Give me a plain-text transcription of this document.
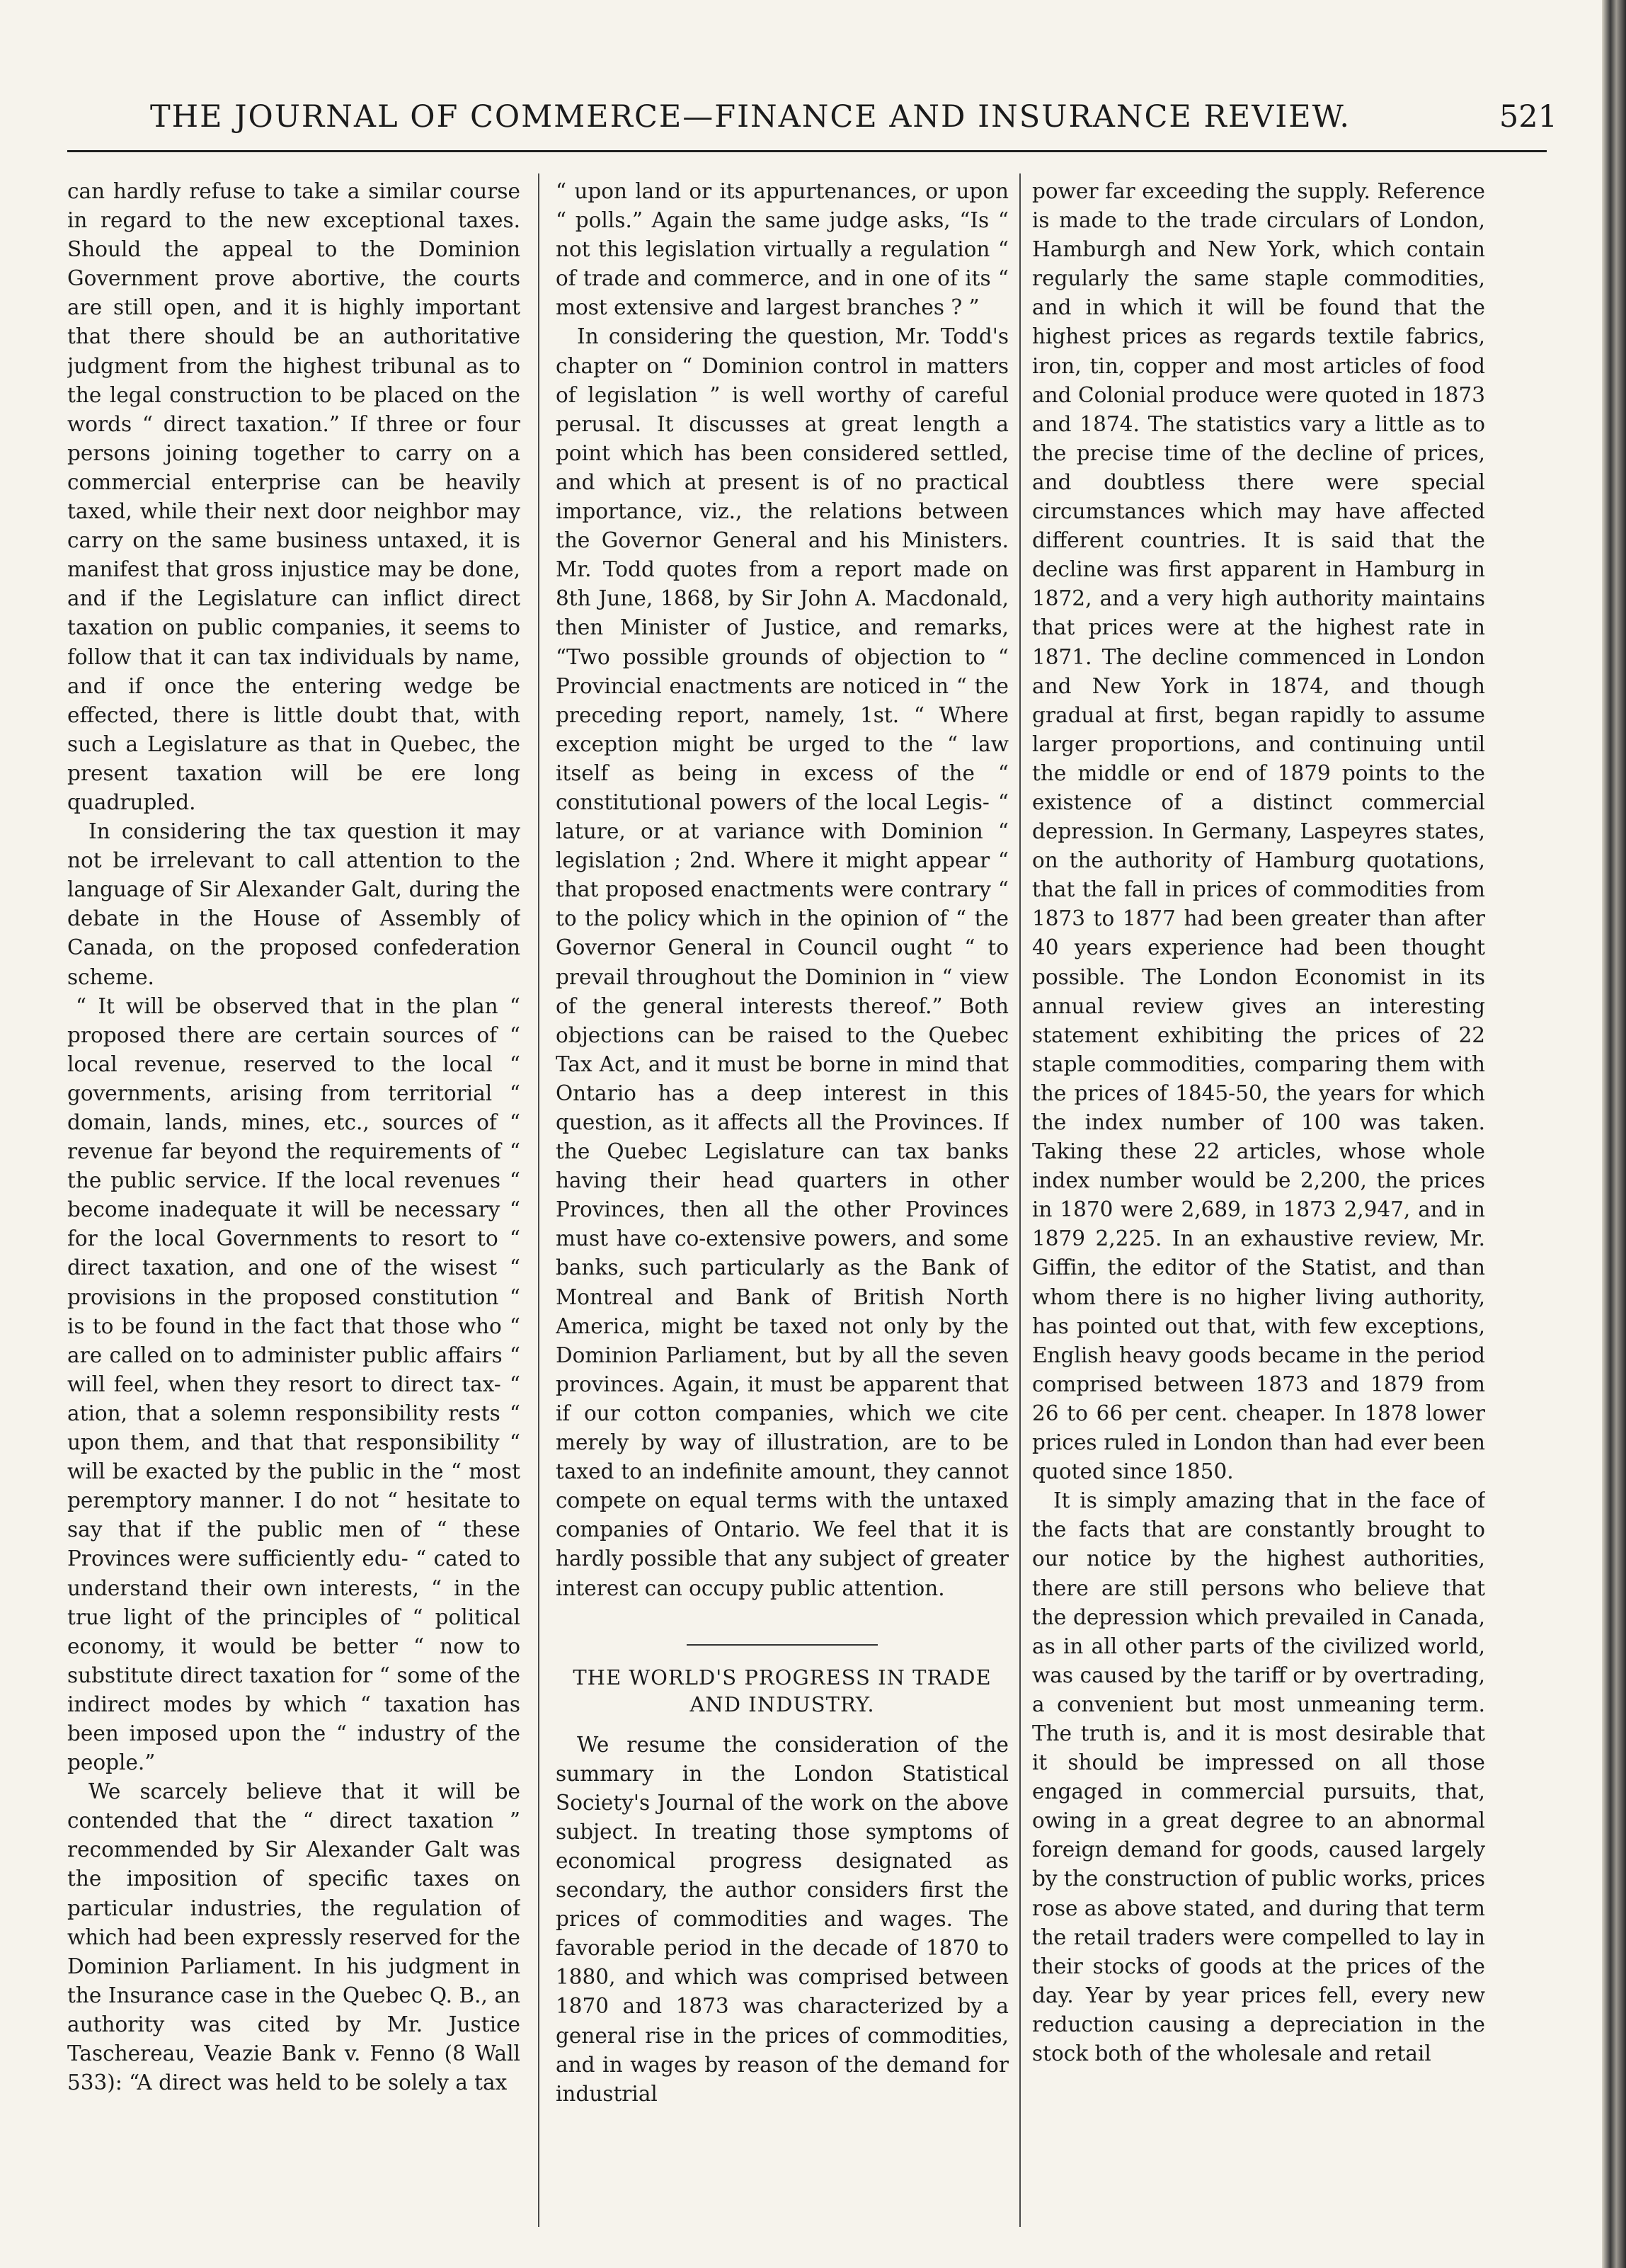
THE JOURNAL OF COMMERCE—FINANCE AND INSURANCE REVIEW.	521

can hardly refuse to take a similar course in regard to the new exceptional taxes. Should the appeal to the Dominion Government prove abortive, the courts are still open, and it is highly important that there should be an authoritative judgment from the highest tribunal as to the legal construction to be placed on the words “ direct taxation.” If three or four persons joining together to carry on a commercial enterprise can be heavily taxed, while their next door neighbor may carry on the same business untaxed, it is manifest that gross injustice may be done, and if the Legislature can inflict direct taxation on public companies, it seems to follow that it can tax individuals by name, and if once the entering wedge be effected, there is little doubt that, with such a Legislature as that in Quebec, the present taxation will be ere long quadrupled.

In considering the tax question it may not be irrelevant to call attention to the language of Sir Alexander Galt, during the debate in the House of Assembly of Canada, on the proposed confederation scheme.

“ It will be observed that in the plan “ proposed there are certain sources of “ local revenue, reserved to the local “ governments, arising from territorial “ domain, lands, mines, etc., sources of “ revenue far beyond the requirements of “ the public service. If the local revenues “ become inadequate it will be necessary “ for the local Governments to resort to “ direct taxation, and one of the wisest “ provisions in the proposed constitution “ is to be found in the fact that those who “ are called on to administer public affairs “ will feel, when they resort to direct tax- “ ation, that a solemn responsibility rests “ upon them, and that that responsibility “ will be exacted by the public in the “ most peremptory manner. I do not “ hesitate to say that if the public men of “ these Provinces were sufficiently edu- “ cated to understand their own interests, “ in the true light of the principles of “ political economy, it would be better “ now to substitute direct taxation for “ some of the indirect modes by which “ taxation has been imposed upon the “ industry of the people.”

We scarcely believe that it will be contended that the “ direct taxation ” recommended by Sir Alexander Galt was the imposition of specific taxes on particular industries, the regulation of which had been expressly reserved for the Dominion Parliament. In his judgment in the Insurance case in the Quebec Q. B., an authority was cited by Mr. Justice Taschereau, Veazie Bank v. Fenno (8 Wall 533): “A direct was held to be solely a tax

“ upon land or its appurtenances, or upon “ polls.” Again the same judge asks, “Is “ not this legislation virtually a regulation “ of trade and commerce, and in one of its “ most extensive and largest branches ? ”

In considering the question, Mr. Todd's chapter on “ Dominion control in matters of legislation ” is well worthy of careful perusal. It discusses at great length a point which has been considered settled, and which at present is of no practical importance, viz., the relations between the Governor General and his Ministers. Mr. Todd quotes from a report made on 8th June, 1868, by Sir John A. Macdonald, then Minister of Justice, and remarks, “Two possible grounds of objection to “ Provincial enactments are noticed in “ the preceding report, namely, 1st. “ Where exception might be urged to the “ law itself as being in excess of the “ constitutional powers of the local Legis- “ lature, or at variance with Dominion “ legislation ; 2nd. Where it might appear “ that proposed enactments were contrary “ to the policy which in the opinion of “ the Governor General in Council ought “ to prevail throughout the Dominion in “ view of the general interests thereof.” Both objections can be raised to the Quebec Tax Act, and it must be borne in mind that Ontario has a deep interest in this question, as it affects all the Provinces. If the Quebec Legislature can tax banks having their head quarters in other Provinces, then all the other Provinces must have co-extensive powers, and some banks, such particularly as the Bank of Montreal and Bank of British North America, might be taxed not only by the Dominion Parliament, but by all the seven provinces. Again, it must be apparent that if our cotton companies, which we cite merely by way of illustration, are to be taxed to an indefinite amount, they cannot compete on equal terms with the untaxed companies of Ontario. We feel that it is hardly possible that any subject of greater interest can occupy public attention.

THE WORLD'S PROGRESS IN TRADE AND INDUSTRY.

We resume the consideration of the summary in the London Statistical Society's Journal of the work on the above subject. In treating those symptoms of economical progress designated as secondary, the author considers first the prices of commodities and wages. The favorable period in the decade of 1870 to 1880, and which was comprised between 1870 and 1873 was characterized by a general rise in the prices of commodities, and in wages by reason of the demand for industrial

power far exceeding the supply. Reference is made to the trade circulars of London, Hamburgh and New York, which contain regularly the same staple commodities, and in which it will be found that the highest prices as regards textile fabrics, iron, tin, copper and most articles of food and Colonial produce were quoted in 1873 and 1874. The statistics vary a little as to the precise time of the decline of prices, and doubtless there were special circumstances which may have affected different countries. It is said that the decline was first apparent in Hamburg in 1872, and a very high authority maintains that prices were at the highest rate in 1871. The decline commenced in London and New York in 1874, and though gradual at first, began rapidly to assume larger proportions, and continuing until the middle or end of 1879 points to the existence of a distinct commercial depression. In Germany, Laspeyres states, on the authority of Hamburg quotations, that the fall in prices of commodities from 1873 to 1877 had been greater than after 40 years experience had been thought possible. The London Economist in its annual review gives an interesting statement exhibiting the prices of 22 staple commodities, comparing them with the prices of 1845-50, the years for which the index number of 100 was taken. Taking these 22 articles, whose whole index number would be 2,200, the prices in 1870 were 2,689, in 1873 2,947, and in 1879 2,225. In an exhaustive review, Mr. Giffin, the editor of the Statist, and than whom there is no higher living authority, has pointed out that, with few exceptions, English heavy goods became in the period comprised between 1873 and 1879 from 26 to 66 per cent. cheaper. In 1878 lower prices ruled in London than had ever been quoted since 1850.

It is simply amazing that in the face of the facts that are constantly brought to our notice by the highest authorities, there are still persons who believe that the depression which prevailed in Canada, as in all other parts of the civilized world, was caused by the tariff or by overtrading, a convenient but most unmeaning term. The truth is, and it is most desirable that it should be impressed on all those engaged in commercial pursuits, that, owing in a great degree to an abnormal foreign demand for goods, caused largely by the construction of public works, prices rose as above stated, and during that term the retail traders were compelled to lay in their stocks of goods at the prices of the day. Year by year prices fell, every new reduction causing a depreciation in the stock both of the wholesale and retail
